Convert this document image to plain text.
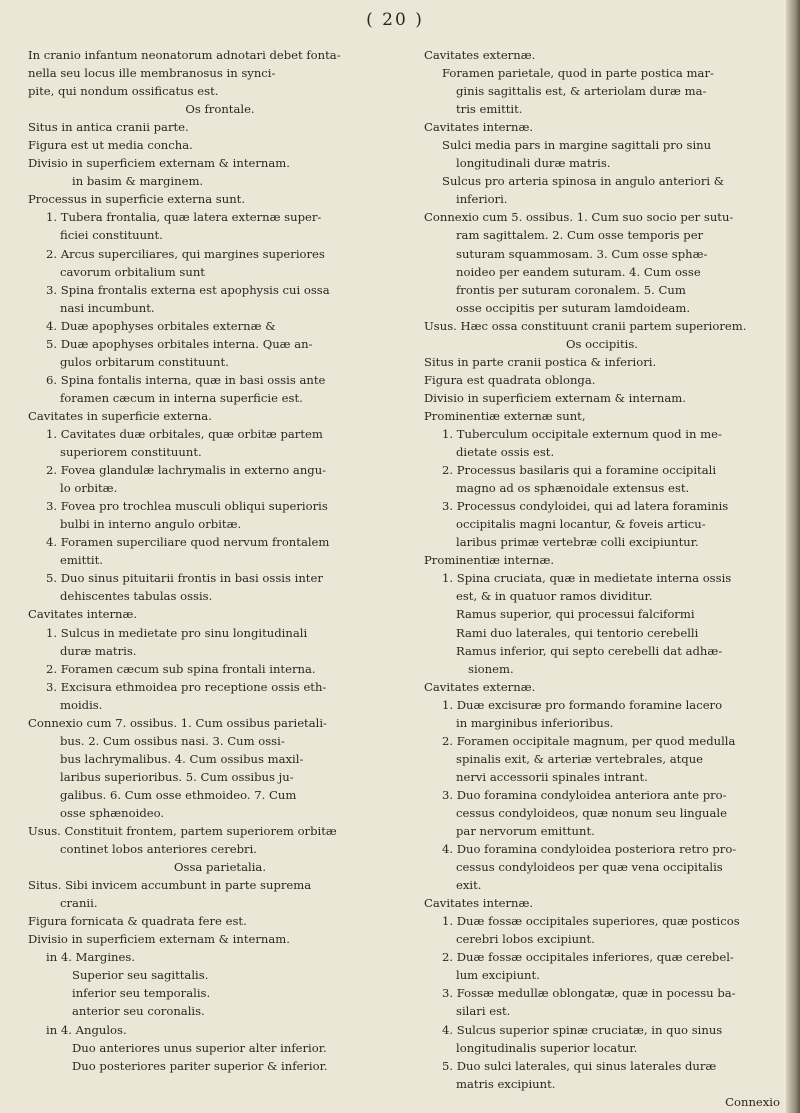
( 20 )
In cranio infantum neonatorum adnotari debet fonta-
nella seu locus ille membranosus in synci-
pite, qui nondum ossificatus est.
Os frontale.
Situs in antica cranii parte.
Figura est ut media concha.
Divisio in superficiem externam & internam.
in basim & marginem.
Processus in superficie externa sunt.
1. Tubera frontalia, quæ latera externæ super-
ficiei constituunt.
2. Arcus superciliares, qui margines superiores
cavorum orbitalium sunt
3. Spina frontalis externa est apophysis cui ossa
nasi incumbunt.
4. Duæ apophyses orbitales externæ &
5. Duæ apophyses orbitales interna. Quæ an-
gulos orbitarum constituunt.
6. Spina fontalis interna, quæ in basi ossis ante
foramen cæcum in interna superficie est.
Cavitates in superficie externa.
1. Cavitates duæ orbitales, quæ orbitæ partem
superiorem constituunt.
2. Fovea glandulæ lachrymalis in externo angu-
lo orbitæ.
3. Fovea pro trochlea musculi obliqui superioris
bulbi in interno angulo orbitæ.
4. Foramen superciliare quod nervum frontalem
emittit.
5. Duo sinus pituitarii frontis in basi ossis inter
dehiscentes tabulas ossis.
Cavitates internæ.
1. Sulcus in medietate pro sinu longitudinali
duræ matris.
2. Foramen cæcum sub spina frontali interna.
3. Excisura ethmoidea pro receptione ossis eth-
moidis.
Connexio cum 7. ossibus. 1. Cum ossibus parietali-
bus. 2. Cum ossibus nasi. 3. Cum ossi-
bus lachrymalibus. 4. Cum ossibus maxil-
laribus superioribus. 5. Cum ossibus ju-
galibus. 6. Cum osse ethmoideo. 7. Cum
osse sphænoideo.
Usus. Constituit frontem, partem superiorem orbitæ
continet lobos anteriores cerebri.
Ossa parietalia.
Situs. Sibi invicem accumbunt in parte suprema
cranii.
Figura fornicata & quadrata fere est.
Divisio in superficiem externam & internam.
in 4. Margines.
Superior seu sagittalis.
inferior seu temporalis.
anterior seu coronalis.
in 4. Angulos.
Duo anteriores unus superior alter inferior.
Duo posteriores pariter superior & inferior.
Cavitates externæ.
Foramen parietale, quod in parte postica mar-
ginis sagittalis est, & arteriolam duræ ma-
tris emittit.
Cavitates internæ.
Sulci media pars in margine sagittali pro sinu
longitudinali duræ matris.
Sulcus pro arteria spinosa in angulo anteriori &
inferiori.
Connexio cum 5. ossibus. 1. Cum suo socio per sutu-
ram sagittalem. 2. Cum osse temporis per
suturam squammosam. 3. Cum osse sphæ-
noideo per eandem suturam. 4. Cum osse
frontis per suturam coronalem. 5. Cum
osse occipitis per suturam lamdoideam.
Usus. Hæc ossa constituunt cranii partem superiorem.
Os occipitis.
Situs in parte cranii postica & inferiori.
Figura est quadrata oblonga.
Divisio in superficiem externam & internam.
Prominentiæ externæ sunt,
1. Tuberculum occipitale externum quod in me-
dietate ossis est.
2. Processus basilaris qui a foramine occipitali
magno ad os sphænoidale extensus est.
3. Processus condyloidei, qui ad latera foraminis
occipitalis magni locantur, & foveis articu-
laribus primæ vertebræ colli excipiuntur.
Prominentiæ internæ.
1. Spina cruciata, quæ in medietate interna ossis
est, & in quatuor ramos dividitur.
Ramus superior, qui processui falciformi
Rami duo laterales, qui tentorio cerebelli
Ramus inferior, qui septo cerebelli dat adhæ-
sionem.
Cavitates externæ.
1. Duæ excisuræ pro formando foramine lacero
in marginibus inferioribus.
2. Foramen occipitale magnum, per quod medulla
spinalis exit, & arteriæ vertebrales, atque
nervi accessorii spinales intrant.
3. Duo foramina condyloidea anteriora ante pro-
cessus condyloideos, quæ nonum seu linguale
par nervorum emittunt.
4. Duo foramina condyloidea posteriora retro pro-
cessus condyloideos per quæ vena occipitalis
exit.
Cavitates internæ.
1. Duæ fossæ occipitales superiores, quæ posticos
cerebri lobos excipiunt.
2. Duæ fossæ occipitales inferiores, quæ cerebel-
lum excipiunt.
3. Fossæ medullæ oblongatæ, quæ in pocessu ba-
silari est.
4. Sulcus superior spinæ cruciatæ, in quo sinus
longitudinalis superior locatur.
5. Duo sulci laterales, qui sinus laterales duræ
matris excipiunt.
Connexio
